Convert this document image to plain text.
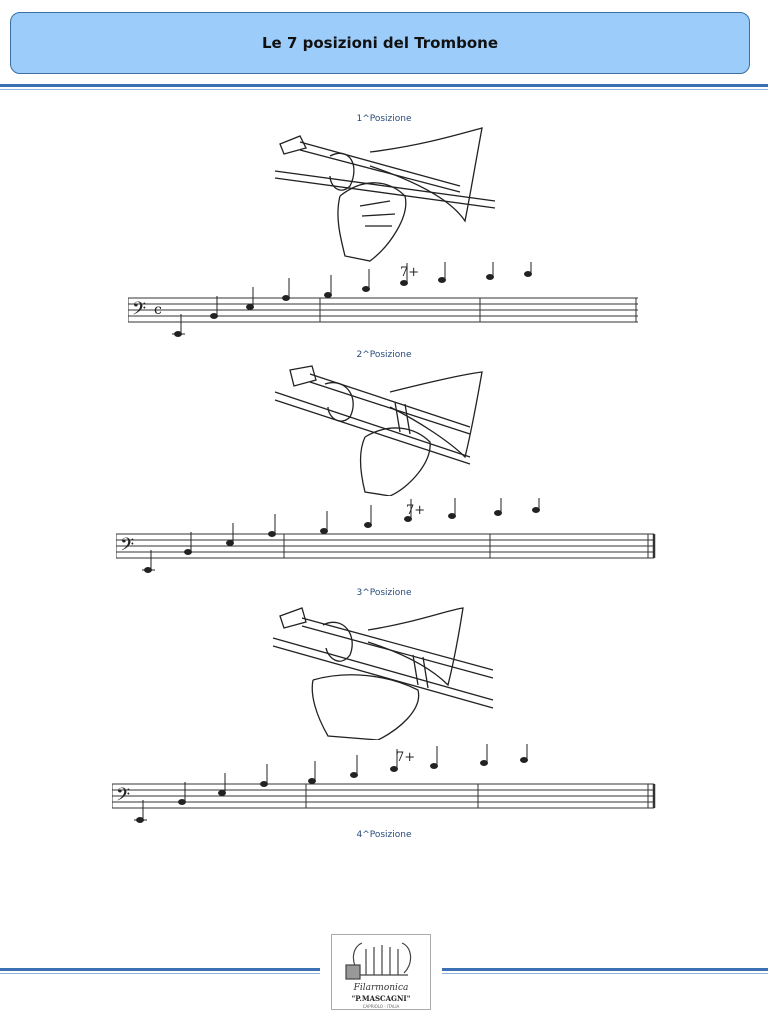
Le 7 posizioni del Trombone
1^Posizione
𝄢 c
7+
2^Posizione
𝄢
7+
3^Posizione
𝄢
7+
4^Posizione
Filarmonica
"P.MASCAGNI"
CAPRIOLO - ITALIA
